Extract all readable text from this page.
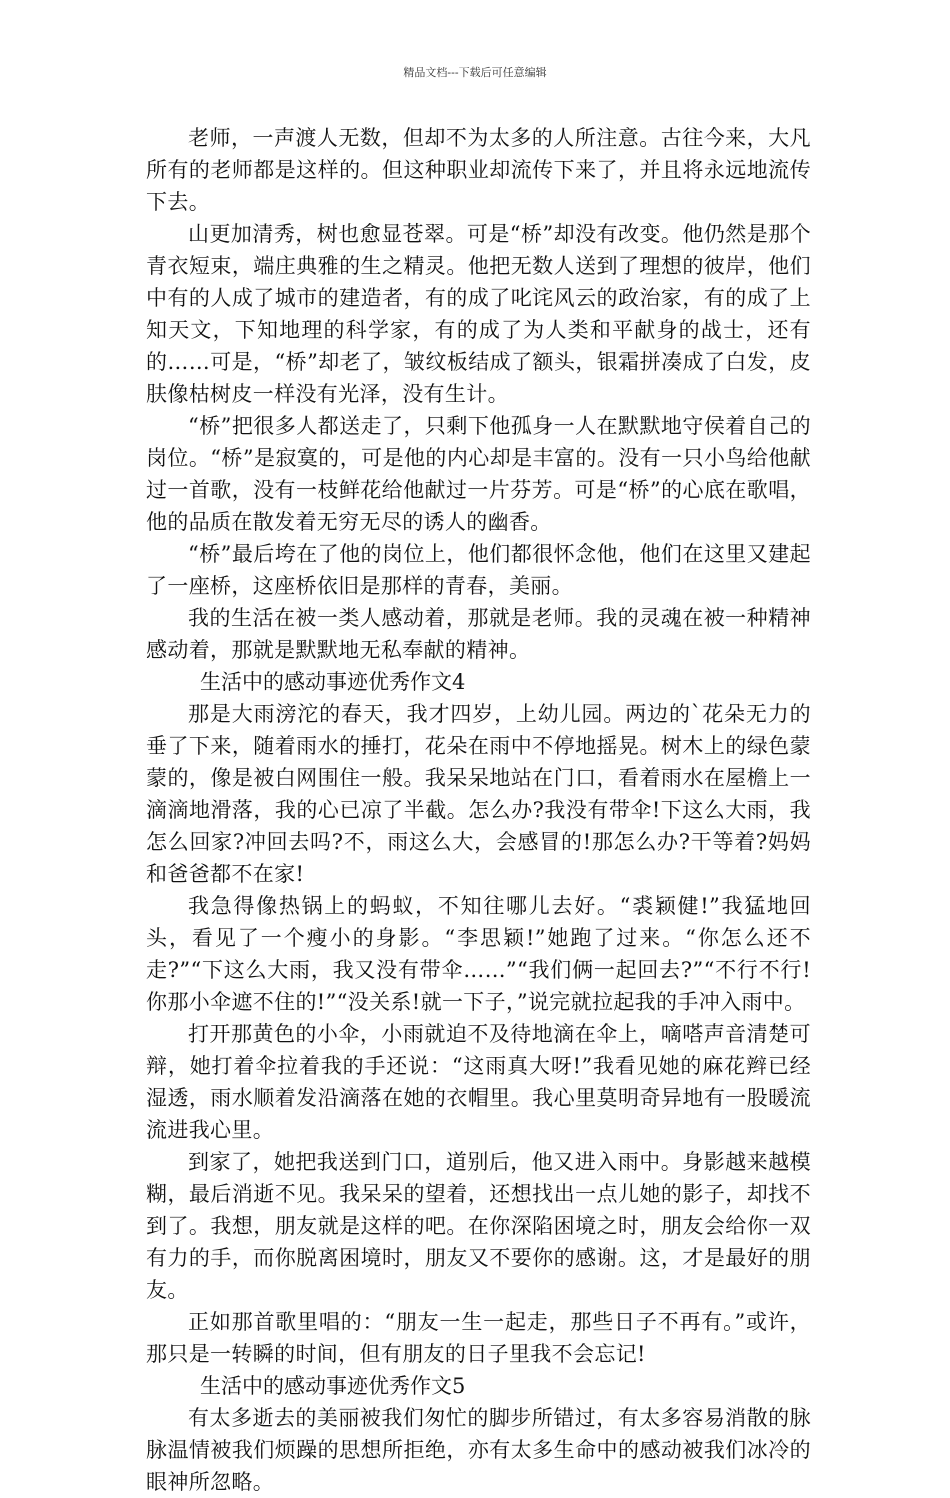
精品文档---下载后可任意编辑

老师，一声渡人无数，但却不为太多的人所注意。古往今来，大凡所有的老师都是这样的。但这种职业却流传下来了，并且将永远地流传下去。

山更加清秀，树也愈显苍翠。可是“桥”却没有改变。他仍然是那个青衣短束，端庄典雅的生之精灵。他把无数人送到了理想的彼岸，他们中有的人成了城市的建造者，有的成了叱诧风云的政治家，有的成了上知天文，下知地理的科学家，有的成了为人类和平献身的战士，还有的……可是，“桥”却老了，皱纹板结成了额头，银霜拼凑成了白发，皮肤像枯树皮一样没有光泽，没有生计。

“桥”把很多人都送走了，只剩下他孤身一人在默默地守侯着自己的岗位。“桥”是寂寞的，可是他的内心却是丰富的。没有一只小鸟给他献过一首歌，没有一枝鲜花给他献过一片芬芳。可是“桥”的心底在歌唱，他的品质在散发着无穷无尽的诱人的幽香。

“桥”最后垮在了他的岗位上，他们都很怀念他，他们在这里又建起了一座桥，这座桥依旧是那样的青春，美丽。

我的生活在被一类人感动着，那就是老师。我的灵魂在被一种精神感动着，那就是默默地无私奉献的精神。

生活中的感动事迹优秀作文4

那是大雨滂沱的春天，我才四岁，上幼儿园。两边的`花朵无力的垂了下来，随着雨水的捶打，花朵在雨中不停地摇晃。树木上的绿色蒙蒙的，像是被白网围住一般。我呆呆地站在门口，看着雨水在屋檐上一滴滴地滑落，我的心已凉了半截。怎么办?我没有带伞!下这么大雨，我怎么回家?冲回去吗?不，雨这么大，会感冒的!那怎么办?干等着?妈妈和爸爸都不在家!

我急得像热锅上的蚂蚁，不知往哪儿去好。“裘颖健!”我猛地回头，看见了一个瘦小的身影。“李思颖!”她跑了过来。“你怎么还不走?”“下这么大雨，我又没有带伞……”“我们俩一起回去?”“不行不行!你那小伞遮不住的!”“没关系!就一下子，”说完就拉起我的手冲入雨中。

打开那黄色的小伞，小雨就迫不及待地滴在伞上，嘀嗒声音清楚可辩，她打着伞拉着我的手还说：“这雨真大呀!”我看见她的麻花辫已经湿透，雨水顺着发沿滴落在她的衣帽里。我心里莫明奇异地有一股暖流流进我心里。

到家了，她把我送到门口，道别后，他又进入雨中。身影越来越模糊，最后消逝不见。我呆呆的望着，还想找出一点儿她的影子，却找不到了。我想，朋友就是这样的吧。在你深陷困境之时，朋友会给你一双有力的手，而你脱离困境时，朋友又不要你的感谢。这，才是最好的朋友。

正如那首歌里唱的：“朋友一生一起走，那些日子不再有。”或许，那只是一转瞬的时间，但有朋友的日子里我不会忘记!

生活中的感动事迹优秀作文5

有太多逝去的美丽被我们匆忙的脚步所错过，有太多容易消散的脉脉温情被我们烦躁的思想所拒绝，亦有太多生命中的感动被我们冰冷的眼神所忽略。
